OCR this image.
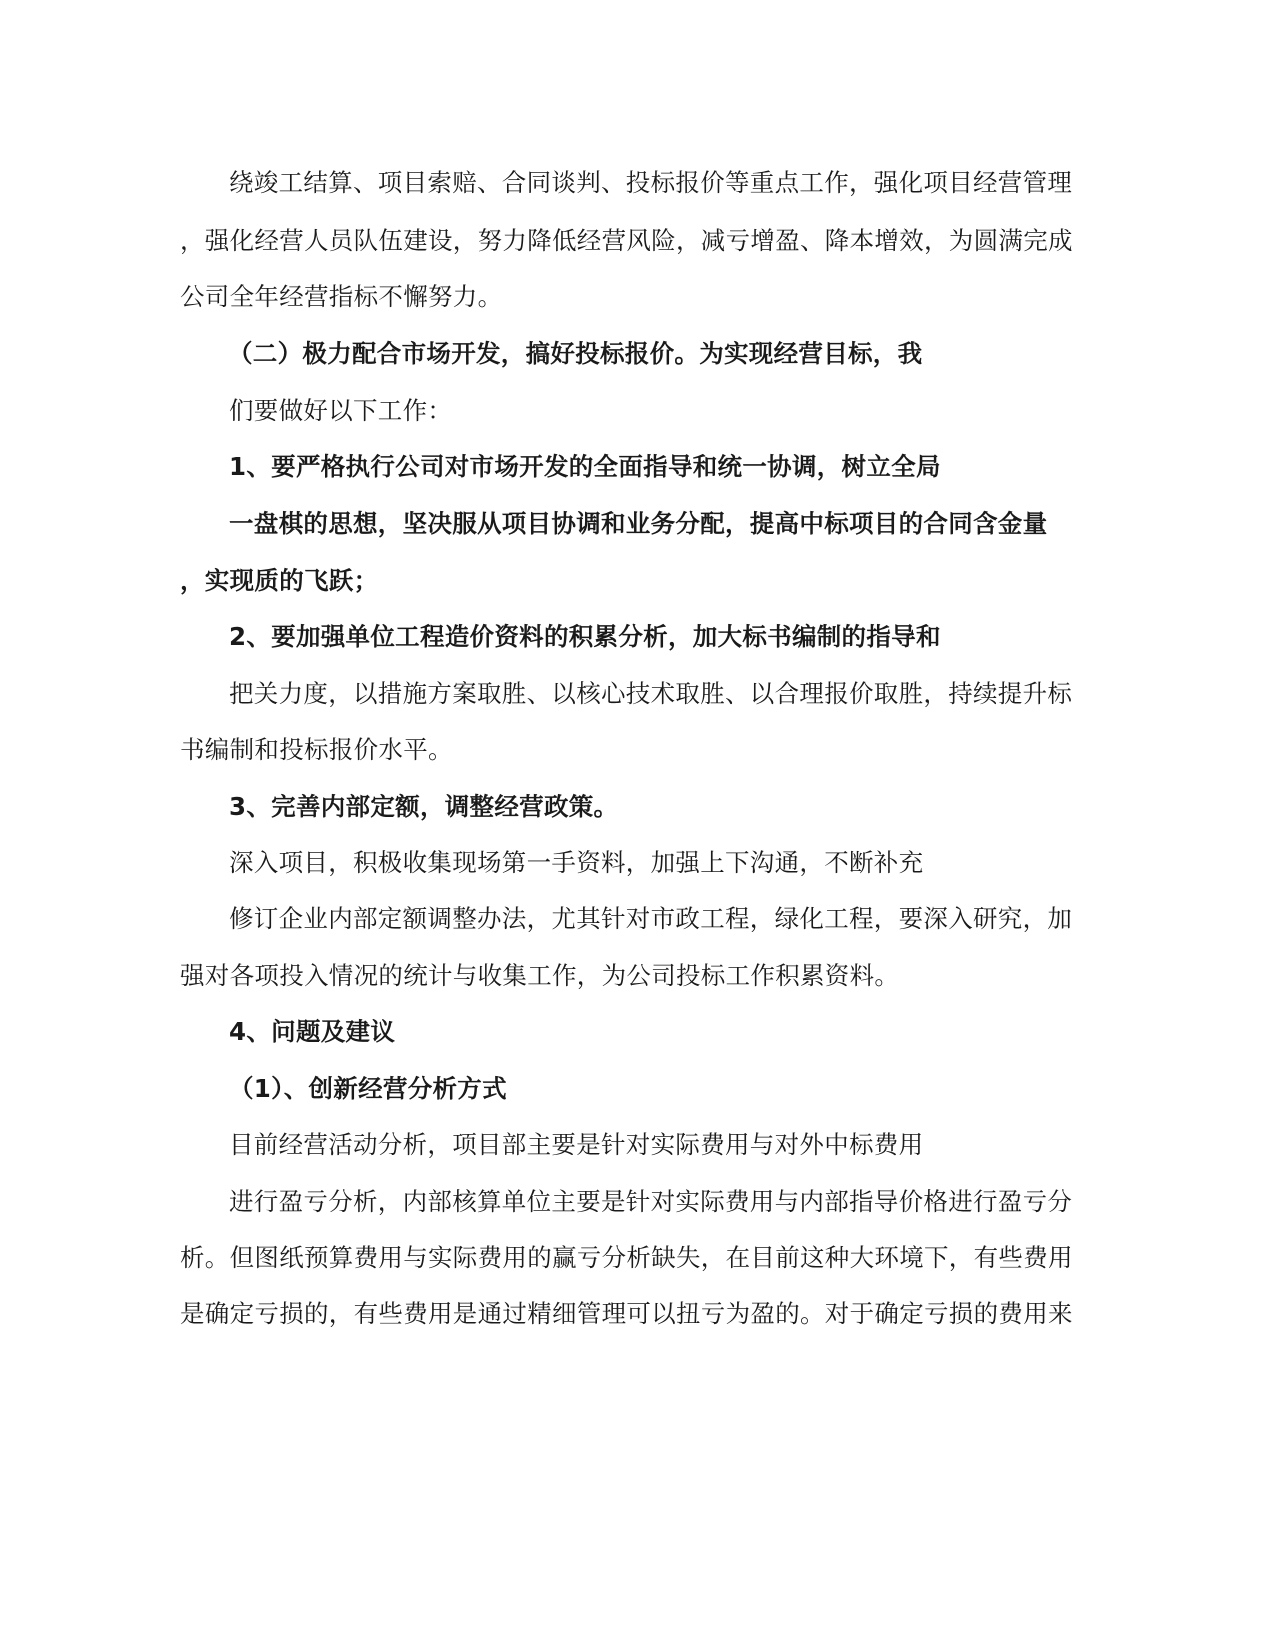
绕竣工结算、项目索赔、合同谈判、投标报价等重点工作，强化项目经营管理
，强化经营人员队伍建设，努力降低经营风险，减亏增盈、降本增效，为圆满完成
公司全年经营指标不懈努力。
（二）极力配合市场开发，搞好投标报价。为实现经营目标，我
们要做好以下工作：
1、要严格执行公司对市场开发的全面指导和统一协调，树立全局
一盘棋的思想，坚决服从项目协调和业务分配，提高中标项目的合同含金量
，实现质的飞跃；
2、要加强单位工程造价资料的积累分析，加大标书编制的指导和
把关力度，以措施方案取胜、以核心技术取胜、以合理报价取胜，持续提升标
书编制和投标报价水平。
3、完善内部定额，调整经营政策。
深入项目，积极收集现场第一手资料，加强上下沟通，不断补充
修订企业内部定额调整办法，尤其针对市政工程，绿化工程，要深入研究，加
强对各项投入情况的统计与收集工作，为公司投标工作积累资料。
4、问题及建议
（1）、创新经营分析方式
目前经营活动分析，项目部主要是针对实际费用与对外中标费用
进行盈亏分析，内部核算单位主要是针对实际费用与内部指导价格进行盈亏分
析。但图纸预算费用与实际费用的赢亏分析缺失，在目前这种大环境下，有些费用
是确定亏损的，有些费用是通过精细管理可以扭亏为盈的。对于确定亏损的费用来
